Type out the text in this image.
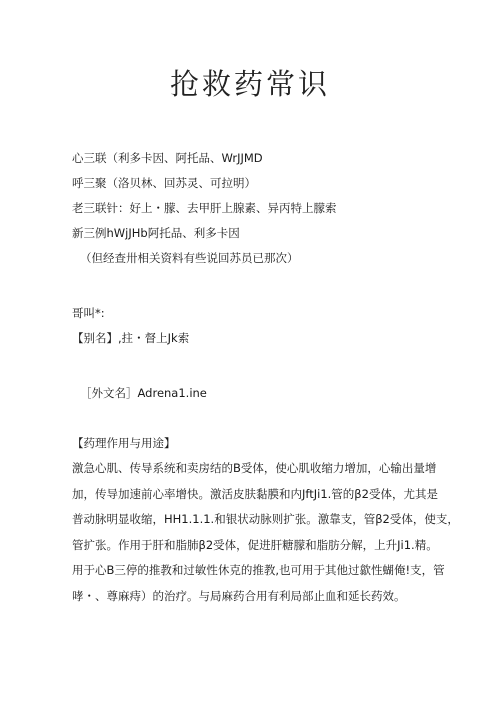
抢救药常识
心三联（利多卡因、阿托品、WrJJMD
呼三聚（洛贝林、回苏灵、可拉明）
老三联针：好上・朦、去甲肝上腺素、异丙特上朦索
新三例hWjJHb阿托品、利多卡因
（但经查卅相关资料有些说回苏员已那次）
哥叫*:
【别名】,拄・督上Jk索
［外文名］Adrena1.ine
【药理作用与用途】
激急心肌、传导系统和卖房结的B受体，使心肌收缩力增加，心输出量增
加，传导加速前心率增快。激活皮肤黏膜和内JftJi1.管的β2受体，尤其是
普动脉明显收缩，HH1.1.1.和银状动脉则扩张。激靠支，管β2受体，使支，
管扩张。作用于肝和脂肺β2受体，促进肝糖朦和脂肪分解，上升Ji1.精。
用于心B三停的推教和过敏性休克的推教,也可用于其他过歙性蝴俺!支，管
哮・、尊麻痔）的治疗。与局麻药合用有利局部止血和延长药效。
